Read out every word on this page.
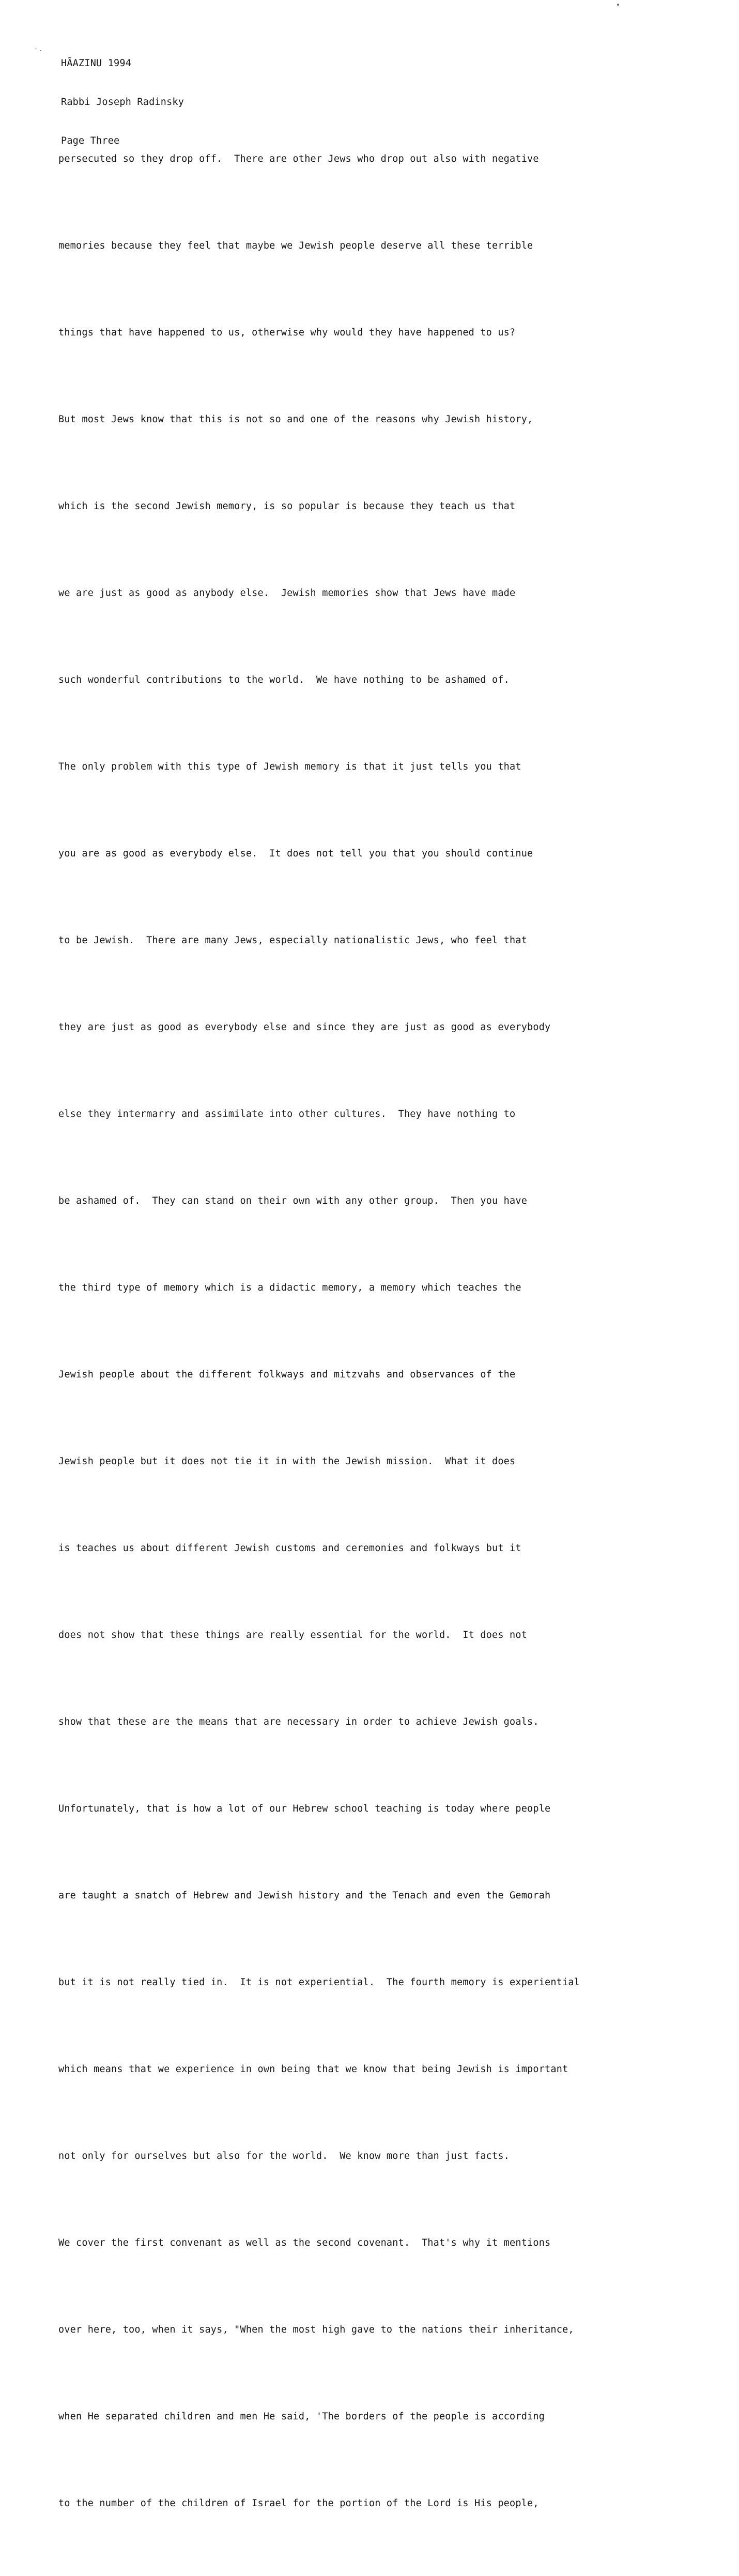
·.

HÃAZINU 1994

Rabbi Joseph Radinsky

Page Three

persecuted so they drop off.  There are other Jews who drop out also with negative

memories because they feel that maybe we Jewish people deserve all these terrible

things that have happened to us, otherwise why would they have happened to us?

But most Jews know that this is not so and one of the reasons why Jewish history,

which is the second Jewish memory, is so popular is because they teach us that

we are just as good as anybody else.  Jewish memories show that Jews have made

such wonderful contributions to the world.  We have nothing to be ashamed of.

The only problem with this type of Jewish memory is that it just tells you that

you are as good as everybody else.  It does not tell you that you should continue

to be Jewish.  There are many Jews, especially nationalistic Jews, who feel that

they are just as good as everybody else and since they are just as good as everybody

else they intermarry and assimilate into other cultures.  They have nothing to

be ashamed of.  They can stand on their own with any other group.  Then you have

the third type of memory which is a didactic memory, a memory which teaches the

Jewish people about the different folkways and mitzvahs and observances of the

Jewish people but it does not tie it in with the Jewish mission.  What it does

is teaches us about different Jewish customs and ceremonies and folkways but it

does not show that these things are really essential for the world.  It does not

show that these are the means that are necessary in order to achieve Jewish goals.

Unfortunately, that is how a lot of our Hebrew school teaching is today where people

are taught a snatch of Hebrew and Jewish history and the Tenach and even the Gemorah

but it is not really tied in.  It is not experiential.  The fourth memory is experiential

which means that we experience in own being that we know that being Jewish is important

not only for ourselves but also for the world.  We know more than just facts.

We cover the first convenant as well as the second covenant.  That's why it mentions

over here, too, when it says, "When the most high gave to the nations their inheritance,

when He separated children and men He said, 'The borders of the people is according

to the number of the children of Israel for the portion of the Lord is His people,
